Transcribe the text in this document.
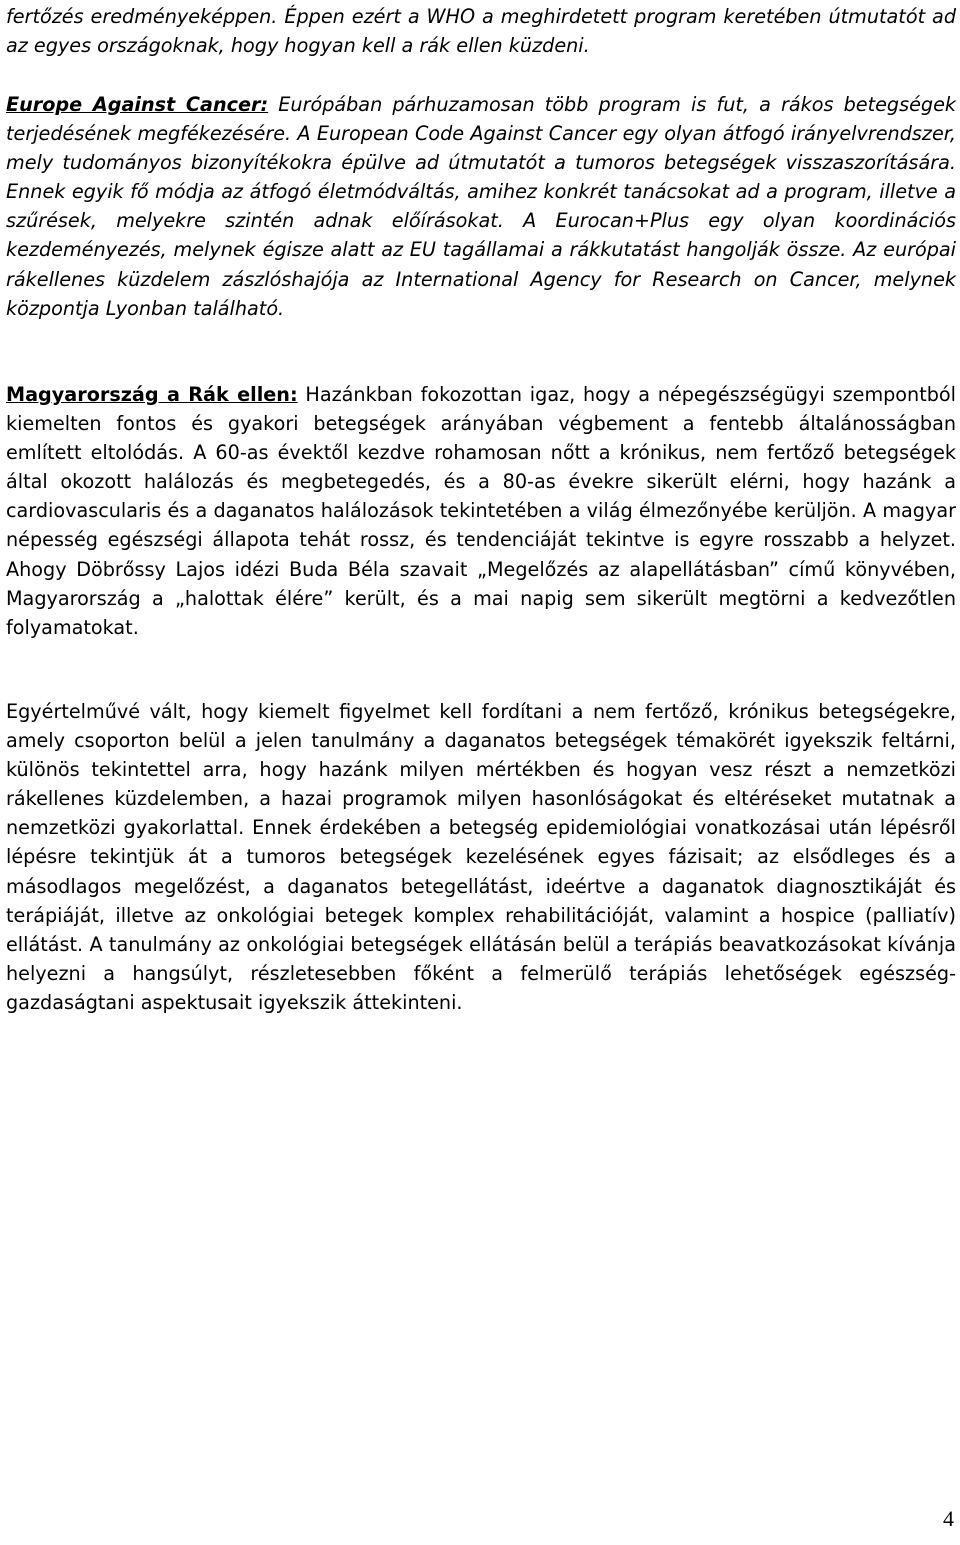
fertőzés eredményeképpen. Éppen ezért a WHO a meghirdetett program keretében útmutatót ad az egyes országoknak, hogy hogyan kell a rák ellen küzdeni.

Europe Against Cancer: Európában párhuzamosan több program is fut, a rákos betegségek terjedésének megfékezésére. A European Code Against Cancer egy olyan átfogó irányelvrendszer, mely tudományos bizonyítékokra épülve ad útmutatót a tumoros betegségek visszaszorítására. Ennek egyik fő módja az átfogó életmódváltás, amihez konkrét tanácsokat ad a program, illetve a szűrések, melyekre szintén adnak előírásokat. A Eurocan+Plus egy olyan koordinációs kezdeményezés, melynek égisze alatt az EU tagállamai a rákkutatást hangolják össze. Az európai rákellenes küzdelem zászlóshajója az International Agency for Research on Cancer, melynek központja Lyonban található.

Magyarország a Rák ellen: Hazánkban fokozottan igaz, hogy a népegészségügyi szempontból kiemelten fontos és gyakori betegségek arányában végbement a fentebb általánosságban említett eltolódás. A 60-as évektől kezdve rohamosan nőtt a krónikus, nem fertőző betegségek által okozott halálozás és megbetegedés, és a 80-as évekre sikerült elérni, hogy hazánk a cardiovascularis és a daganatos halálozások tekintetében a világ élmezőnyébe kerüljön. A magyar népesség egészségi állapota tehát rossz, és tendenciáját tekintve is egyre rosszabb a helyzet. Ahogy Döbrőssy Lajos idézi Buda Béla szavait „Megelőzés az alapellátásban” című könyvében, Magyarország a „halottak élére” került, és a mai napig sem sikerült megtörni a kedvezőtlen folyamatokat.

Egyértelművé vált, hogy kiemelt figyelmet kell fordítani a nem fertőző, krónikus betegségekre, amely csoporton belül a jelen tanulmány a daganatos betegségek témakörét igyekszik feltárni, különös tekintettel arra, hogy hazánk milyen mértékben és hogyan vesz részt a nemzetközi rákellenes küzdelemben, a hazai programok milyen hasonlóságokat és eltéréseket mutatnak a nemzetközi gyakorlattal. Ennek érdekében a betegség epidemiológiai vonatkozásai után lépésről lépésre tekintjük át a tumoros betegségek kezelésének egyes fázisait; az elsődleges és a másodlagos megelőzést, a daganatos betegellátást, ideértve a daganatok diagnosztikáját és terápiáját, illetve az onkológiai betegek komplex rehabilitációját, valamint a hospice (palliatív) ellátást. A tanulmány az onkológiai betegségek ellátásán belül a terápiás beavatkozásokat kívánja helyezni a hangsúlyt, részletesebben főként a felmerülő terápiás lehetőségek egészség-gazdaságtani aspektusait igyekszik áttekinteni.

4
